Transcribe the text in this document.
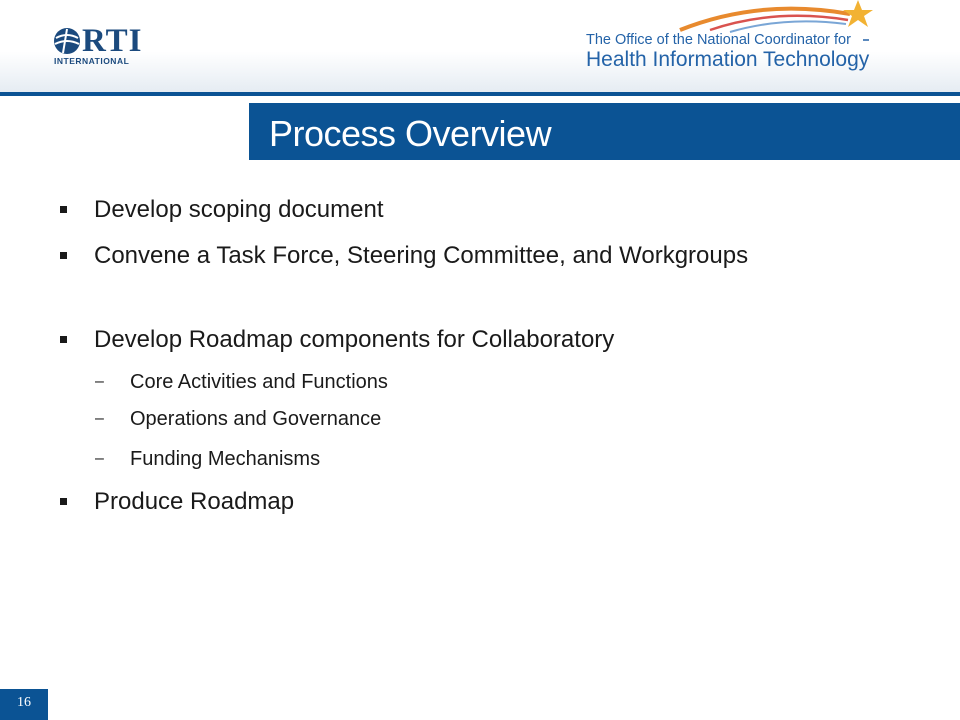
RTI
INTERNATIONAL
The Office of the National Coordinator for
Health Information Technology
Process Overview
Develop scoping document
Convene a Task Force, Steering Committee, and Workgroups
Develop Roadmap components for Collaboratory
– Core Activities and Functions
– Operations and Governance
– Funding Mechanisms
Produce Roadmap
16
